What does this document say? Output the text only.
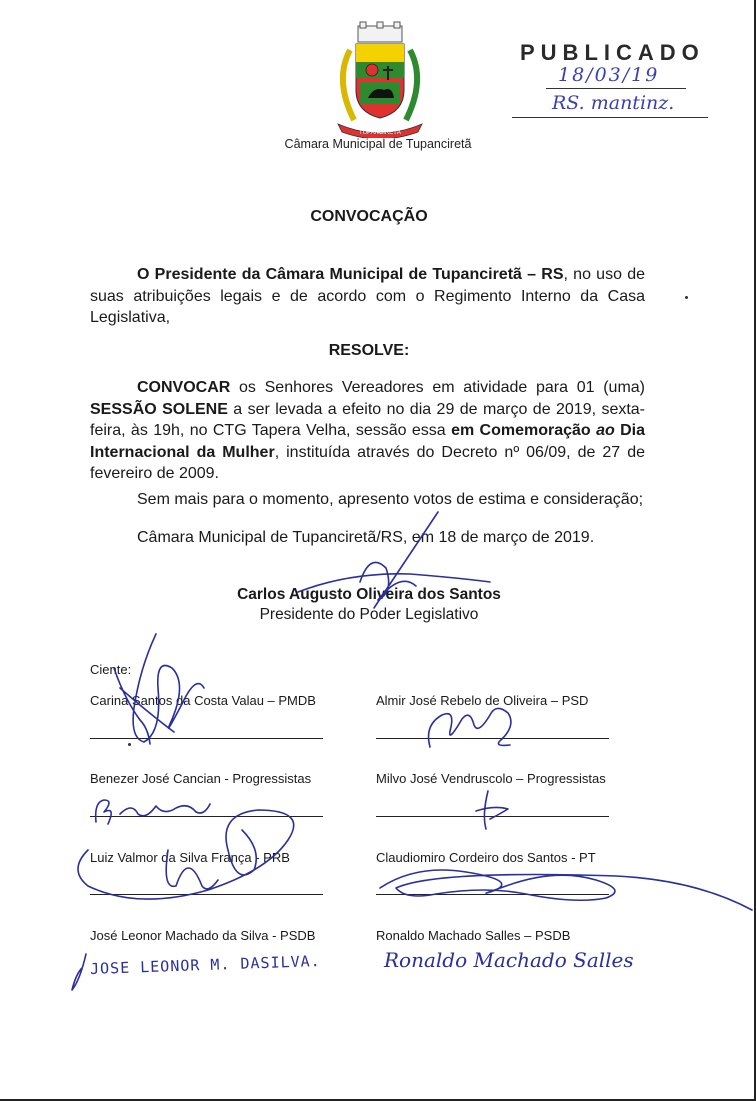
TUPANCIRETÃ
Câmara Municipal de Tupanciretã
PUBLICADO
18/03/19
RS. mantinz.
CONVOCAÇÃO
O Presidente da Câmara Municipal de Tupanciretã – RS, no uso de suas atribuições legais e de acordo com o Regimento Interno da Casa Legislativa,
RESOLVE:
CONVOCAR os Senhores Vereadores em atividade para 01 (uma) SESSÃO SOLENE a ser levada a efeito no dia 29 de março de 2019, sexta-feira, às 19h, no CTG Tapera Velha, sessão essa em Comemoração ao Dia Internacional da Mulher, instituída através do Decreto nº 06/09, de 27 de fevereiro de 2009.
Sem mais para o momento, apresento votos de estima e consideração;
Câmara Municipal de Tupanciretã/RS, em 18 de março de 2019.
Carlos Augusto Oliveira dos Santos
Presidente do Poder Legislativo
Ciente:
Carina Santos da Costa Valau – PMDB	Almir José Rebelo de Oliveira – PSD
Benezer José Cancian - Progressistas	Milvo José Vendruscolo – Progressistas
Luiz Valmor da Silva França - PRB	Claudiomiro Cordeiro dos Santos - PT
José Leonor Machado da Silva - PSDB	Ronaldo Machado Salles – PSDB
JOSE LEONOR M. DASILVA.	Ronaldo Machado Salles
